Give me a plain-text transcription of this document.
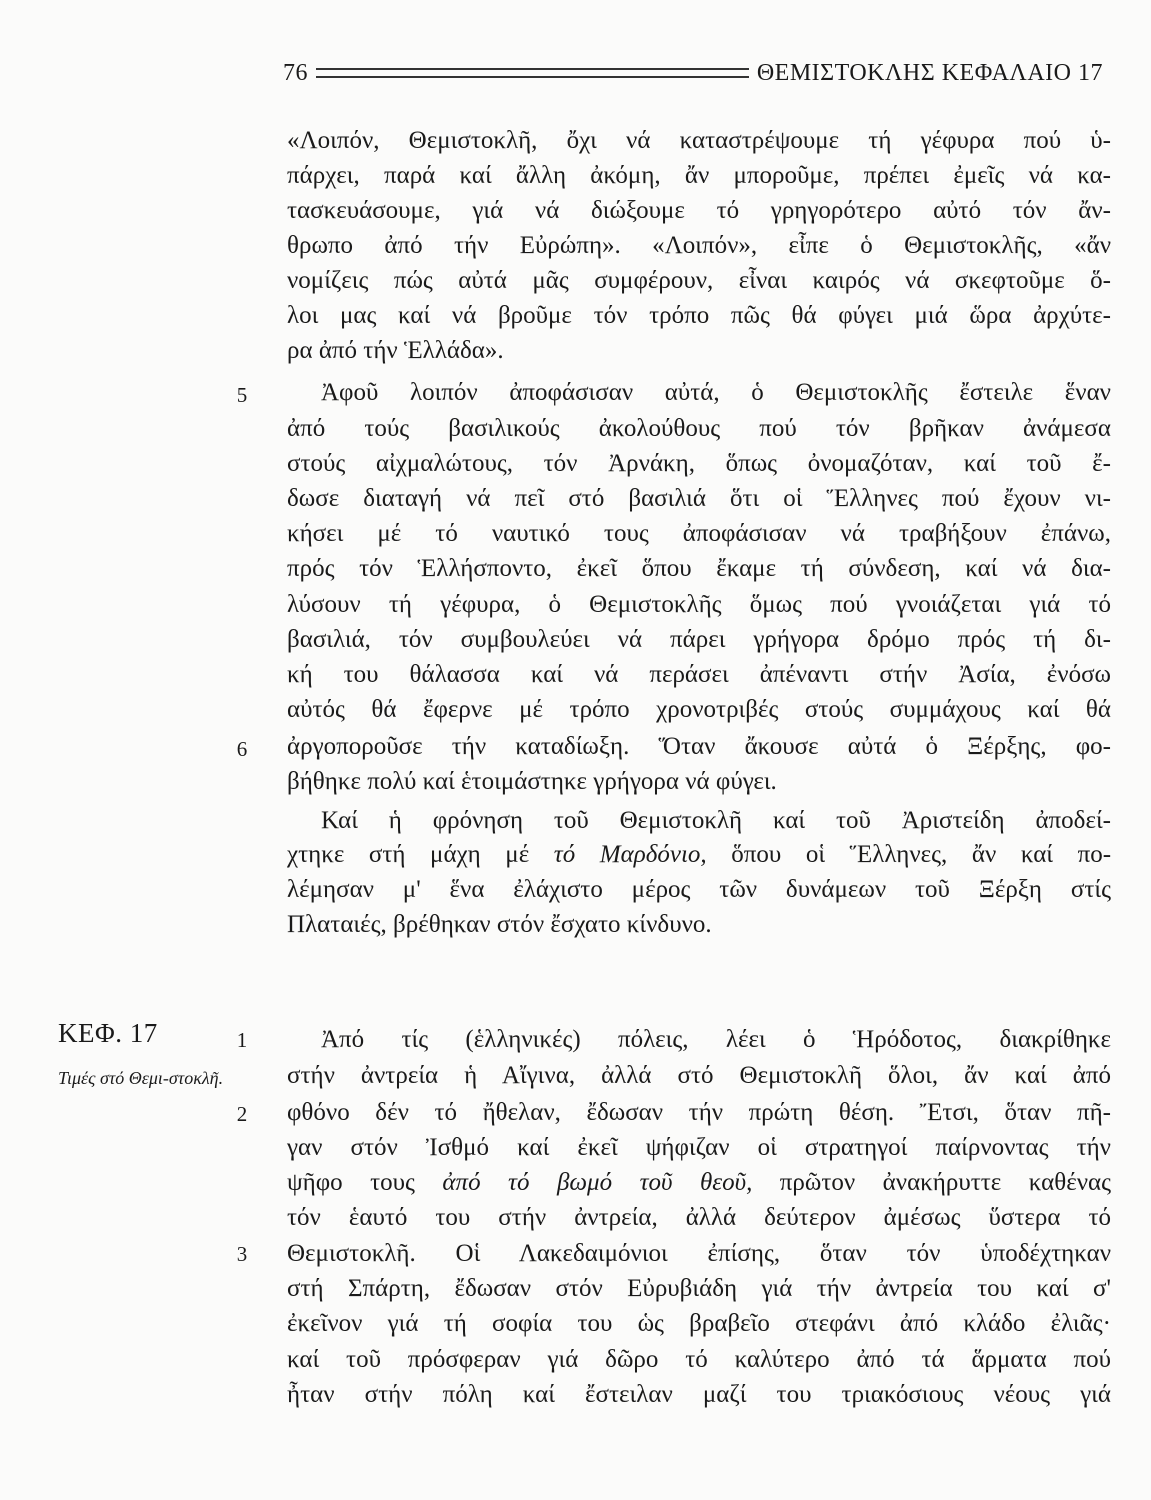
76	ΘΕΜΙΣΤΟΚΛΗΣ ΚΕΦΑΛΑΙΟ 17
5
6
1
2
3
ΚΕΦ. 17
Τιμές στό Θεμι-στοκλῆ.
«Λοιπόν, Θεμιστοκλῆ, ὄχι νά καταστρέψουμε τή γέφυρα πού ὑ-
πάρχει, παρά καί ἄλλη ἀκόμη, ἄν μποροῦμε, πρέπει ἐμεῖς νά κα-
τασκευάσουμε, γιά νά διώξουμε τό γρηγορότερο αὐτό τόν ἄν-
θρωπο ἀπό τήν Εὐρώπη». «Λοιπόν», εἶπε ὁ Θεμιστοκλῆς, «ἄν
νομίζεις πώς αὐτά μᾶς συμφέρουν, εἶναι καιρός νά σκεφτοῦμε ὅ-
λοι μας καί νά βροῦμε τόν τρόπο πῶς θά φύγει μιά ὥρα ἀρχύτε-
ρα ἀπό τήν Ἑλλάδα».
Ἀφοῦ λοιπόν ἀποφάσισαν αὐτά, ὁ Θεμιστοκλῆς ἔστειλε ἕναν
ἀπό τούς βασιλικούς ἀκολούθους πού τόν βρῆκαν ἀνάμεσα
στούς αἰχμαλώτους, τόν Ἀρνάκη, ὅπως ὀνομαζόταν, καί τοῦ ἔ-
δωσε διαταγή νά πεῖ στό βασιλιά ὅτι οἱ Ἕλληνες πού ἔχουν νι-
κήσει μέ τό ναυτικό τους ἀποφάσισαν νά τραβήξουν ἐπάνω,
πρός τόν Ἑλλήσποντο, ἐκεῖ ὅπου ἔκαμε τή σύνδεση, καί νά δια-
λύσουν τή γέφυρα, ὁ Θεμιστοκλῆς ὅμως πού γνοιάζεται γιά τό
βασιλιά, τόν συμβουλεύει νά πάρει γρήγορα δρόμο πρός τή δι-
κή του θάλασσα καί νά περάσει ἀπέναντι στήν Ἀσία, ἐνόσω
αὐτός θά ἔφερνε μέ τρόπο χρονοτριβές στούς συμμάχους καί θά
ἀργοποροῦσε τήν καταδίωξη. Ὅταν ἄκουσε αὐτά ὁ Ξέρξης, φο-
βήθηκε πολύ καί ἑτοιμάστηκε γρήγορα νά φύγει.
Καί ἡ φρόνηση τοῦ Θεμιστοκλῆ καί τοῦ Ἀριστείδη ἀποδεί-
χτηκε στή μάχη μέ τό Μαρδόνιο, ὅπου οἱ Ἕλληνες, ἄν καί πο-
λέμησαν μ' ἕνα ἐλάχιστο μέρος τῶν δυνάμεων τοῦ Ξέρξη στίς
Πλαταιές, βρέθηκαν στόν ἔσχατο κίνδυνο.
Ἀπό τίς (ἑλληνικές) πόλεις, λέει ὁ Ἡρόδοτος, διακρίθηκε
στήν ἀντρεία ἡ Αἴγινα, ἀλλά στό Θεμιστοκλῆ ὅλοι, ἄν καί ἀπό
φθόνο δέν τό ἤθελαν, ἔδωσαν τήν πρώτη θέση. Ἔτσι, ὅταν πῆ-
γαν στόν Ἰσθμό καί ἐκεῖ ψήφιζαν οἱ στρατηγοί παίρνοντας τήν
ψῆφο τους ἀπό τό βωμό τοῦ θεοῦ, πρῶτον ἀνακήρυττε καθένας
τόν ἑαυτό του στήν ἀντρεία, ἀλλά δεύτερον ἀμέσως ὕστερα τό
Θεμιστοκλῆ. Οἱ Λακεδαιμόνιοι ἐπίσης, ὅταν τόν ὑποδέχτηκαν
στή Σπάρτη, ἔδωσαν στόν Εὐρυβιάδη γιά τήν ἀντρεία του καί σ'
ἐκεῖνον γιά τή σοφία του ὡς βραβεῖο στεφάνι ἀπό κλάδο ἐλιᾶς·
καί τοῦ πρόσφεραν γιά δῶρο τό καλύτερο ἀπό τά ἅρματα πού
ἦταν στήν πόλη καί ἔστειλαν μαζί του τριακόσιους νέους γιά
